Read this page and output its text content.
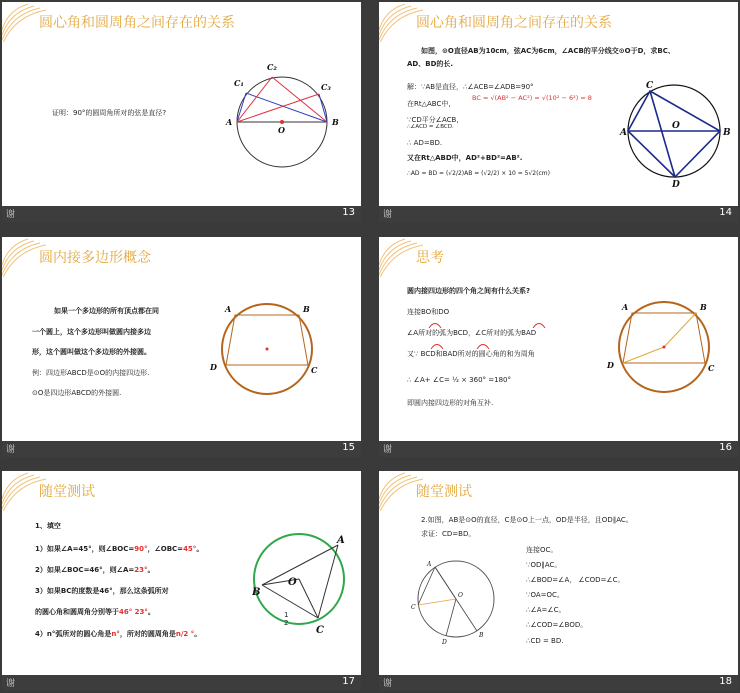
圆心角和圆周角之间存在的关系
证明：90°的圆周角所对的弦是直径?
C₁
C₂
C₃
A	B
O
谢	13
圆心角和圆周角之间存在的关系
如图，⊙O直径AB为10cm，弦AC为6cm，∠ACB的平分线交⊙O于D，求BC、
AD、BD的长.
解：∵AB是直径，∴∠ACB=∠ADB=90°
在Rt△ABC中,
BC = √(AB² − AC²) = √(10² − 6²) = 8
∵CD平分∠ACB,
∴∠ACD = ∠BCD.
∴ AD=BD.
又在Rt△ABD中，AD²+BD²=AB².
∴AD = BD = (√2/2)AB = (√2/2) × 10 = 5√2(cm)
A	B
C
D
O
谢	14
圆内接多边形概念
如果一个多边形的所有顶点都在同
一个圆上，这个多边形叫做圆内接多边
形，这个圆叫做这个多边形的外接圆。
例：四边形ABCD是⊙O的内接四边形.
⊙O是四边形ABCD的外接圆.
A	B
C
D
谢	15
思考
圆内接四边形的四个角之间有什么关系?
连接BO和DO
∠A所对的弧为BCD，∠C所对的弧为BAD
又∵ BCD和BAD所对的圆心角的和为周角
∴ ∠A+ ∠C= ½ × 360° =180°
即圆内接四边形的对角互补.
A	B
C
D
谢	16
随堂测试
1、填空
1）如果∠A=45°，则∠BOC=90°，∠OBC=45°。
2）如果∠BOC=46°，则∠A=23°。
3）如果BC的度数是46°，那么这条弧所对
的圆心角和圆周角分别等于46° 23°。
4）n°弧所对的圆心角是n°，所对的圆周角是n/2 °。
A
B
C
O
1
2
谢	17
随堂测试
2.如图，AB是⊙O的直径，C是⊙O上一点，OD是半径，且OD∥AC。
求证：CD=BD。
连接OC。
∵OD∥AC。
∴∠BOD=∠A， ∠COD=∠C。
∵OA=OC。
∴∠A=∠C。
∴∠COD=∠BOD。
∴CD = BD.
A
B
C
D
O
谢	18
